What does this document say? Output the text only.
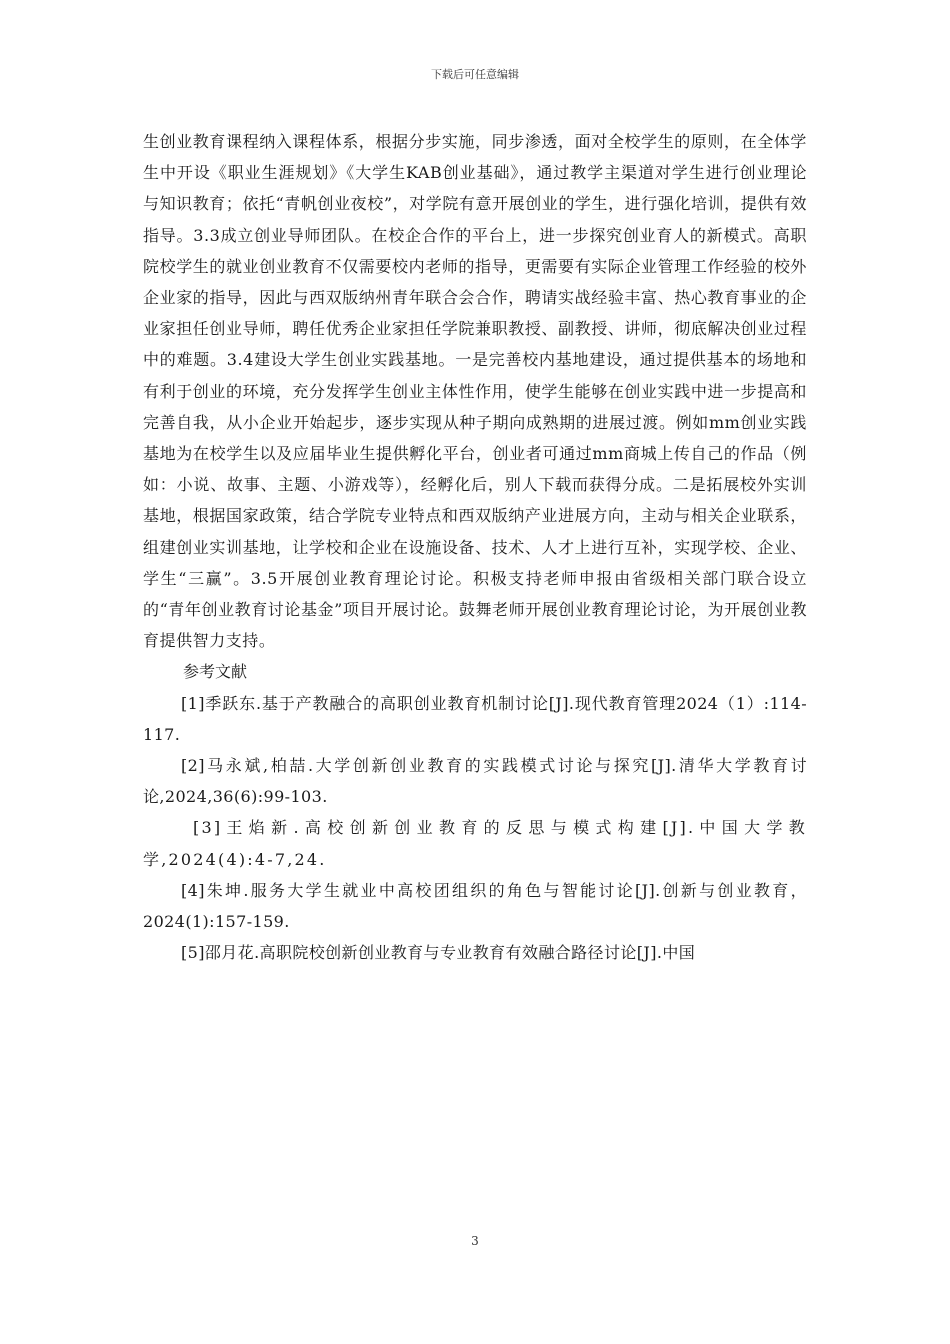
下载后可任意编辑

生创业教育课程纳入课程体系，根据分步实施，同步渗透，面对全校学生的原则，在全体学生中开设《职业生涯规划》《大学生KAB创业基础》，通过教学主渠道对学生进行创业理论与知识教育；依托“青帆创业夜校”，对学院有意开展创业的学生，进行强化培训，提供有效指导。3.3成立创业导师团队。在校企合作的平台上，进一步探究创业育人的新模式。高职院校学生的就业创业教育不仅需要校内老师的指导，更需要有实际企业管理工作经验的校外企业家的指导，因此与西双版纳州青年联合会合作，聘请实战经验丰富、热心教育事业的企业家担任创业导师，聘任优秀企业家担任学院兼职教授、副教授、讲师，彻底解决创业过程中的难题。3.4建设大学生创业实践基地。一是完善校内基地建设，通过提供基本的场地和有利于创业的环境，充分发挥学生创业主体性作用，使学生能够在创业实践中进一步提高和完善自我，从小企业开始起步，逐步实现从种子期向成熟期的进展过渡。例如mm创业实践基地为在校学生以及应届毕业生提供孵化平台，创业者可通过mm商城上传自己的作品（例如：小说、故事、主题、小游戏等），经孵化后，别人下载而获得分成。二是拓展校外实训基地，根据国家政策，结合学院专业特点和西双版纳产业进展方向，主动与相关企业联系，组建创业实训基地，让学校和企业在设施设备、技术、人才上进行互补，实现学校、企业、学生“三赢”。3.5开展创业教育理论讨论。积极支持老师申报由省级相关部门联合设立的“青年创业教育讨论基金”项目开展讨论。鼓舞老师开展创业教育理论讨论，为开展创业教育提供智力支持。

参考文献

[1]季跃东.基于产教融合的高职创业教育机制讨论[J].现代教育管理2024（1）:114-117.

[2]马永斌,柏喆.大学创新创业教育的实践模式讨论与探究[J].清华大学教育讨论,2024,36(6):99-103.

[3]王焰新.高校创新创业教育的反思与模式构建[J].中国大学教学,2024(4):4-7,24.

[4]朱坤.服务大学生就业中高校团组织的角色与智能讨论[J].创新与创业教育，2024(1):157-159.

[5]邵月花.高职院校创新创业教育与专业教育有效融合路径讨论[J].中国

3
